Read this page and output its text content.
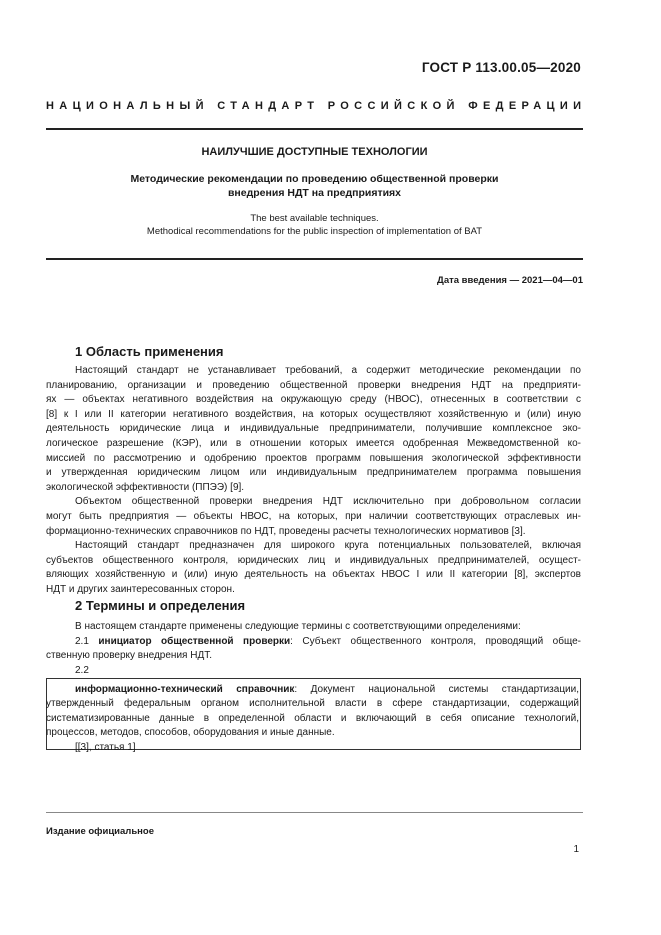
ГОСТ Р 113.00.05—2020
НАЦИОНАЛЬНЫЙ СТАНДАРТ РОССИЙСКОЙ ФЕДЕРАЦИИ
НАИЛУЧШИЕ ДОСТУПНЫЕ ТЕХНОЛОГИИ
Методические рекомендации по проведению общественной проверки
внедрения НДТ на предприятиях
The best available techniques.
Methodical recommendations for the public inspection of implementation of BAT
Дата введения — 2021—04—01
1 Область применения

Настоящий стандарт не устанавливает требований, а содержит методические рекомендации по

планированию, организации и проведению общественной проверки внедрения НДТ на предприяти-

ях — объектах негативного воздействия на окружающую среду (НВОС), отнесенных в соответствии с

[8] к I или II категории негативного воздействия, на которых осуществляют хозяйственную и (или) иную

деятельность юридические лица и индивидуальные предприниматели, получившие комплексное эко-

логическое разрешение (КЭР), или в отношении которых имеется одобренная Межведомственной ко-

миссией по рассмотрению и одобрению проектов программ повышения экологической эффективности

и утвержденная юридическим лицом или индивидуальным предпринимателем программа повышения

экологической эффективности (ППЭЭ) [9].

Объектом общественной проверки внедрения НДТ исключительно при добровольном согласии

могут быть предприятия — объекты НВОС, на которых, при наличии соответствующих отраслевых ин-

формационно-технических справочников по НДТ, проведены расчеты технологических нормативов [3].

Настоящий стандарт предназначен для широкого круга потенциальных пользователей, включая

субъектов общественного контроля, юридических лиц и индивидуальных предпринимателей, осущест-

вляющих хозяйственную и (или) иную деятельность на объектах НВОС I или II категории [8], экспертов

НДТ и других заинтересованных сторон.

2 Термины и определения

В настоящем стандарте применены следующие термины с соответствующими определениями:

2.1 инициатор общественной проверки: Субъект общественного контроля, проводящий обще-

ственную проверку внедрения НДТ.

2.2

информационно-технический справочник: Документ национальной системы стандартизации,

утвержденный федеральным органом исполнительной власти в сфере стандартизации, содержащий

систематизированные данные в определенной области и включающий в себя описание технологий,

процессов, методов, способов, оборудования и иные данные.

[[3], статья 1]

Издание официальное
1
